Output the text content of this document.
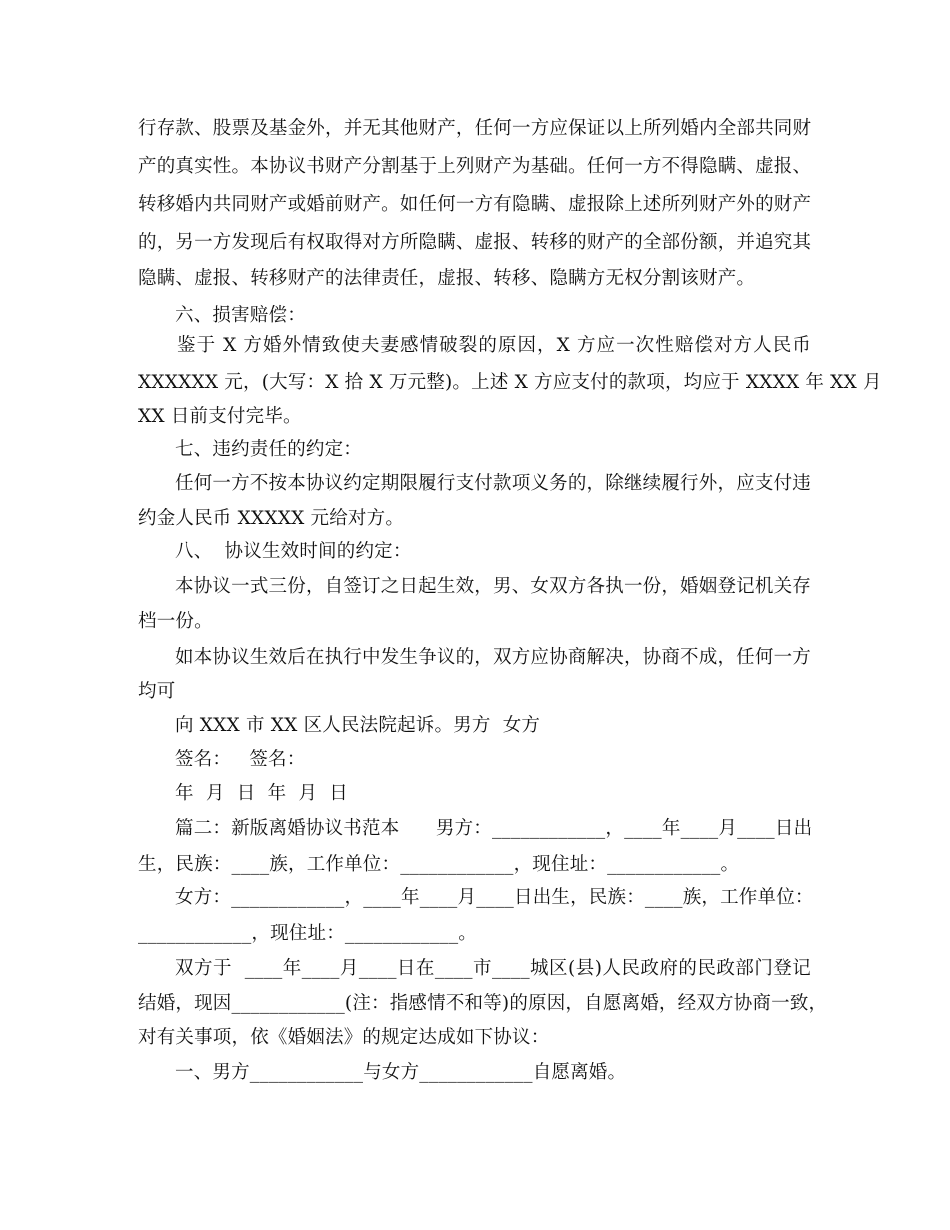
行存款、股票及基金外，并无其他财产，任何一方应保证以上所列婚内全部共同财
产的真实性。本协议书财产分割基于上列财产为基础。任何一方不得隐瞒、虚报、
转移婚内共同财产或婚前财产。如任何一方有隐瞒、虚报除上述所列财产外的财产
的，另一方发现后有权取得对方所隐瞒、虚报、转移的财产的全部份额，并追究其
隐瞒、虚报、转移财产的法律责任，虚报、转移、隐瞒方无权分割该财产。
六、损害赔偿：
鉴于 X 方婚外情致使夫妻感情破裂的原因，X 方应一次性赔偿对方人民币
XXXXXX 元，(大写：X 拾 X 万元整)。上述 X 方应支付的款项，均应于 XXXX 年 XX 月
XX 日前支付完毕。
七、违约责任的约定：
任何一方不按本协议约定期限履行支付款项义务的，除继续履行外，应支付违
约金人民币 XXXXX 元给对方。
八、  协议生效时间的约定：
本协议一式三份，自签订之日起生效，男、女双方各执一份，婚姻登记机关存
档一份。
如本协议生效后在执行中发生争议的，双方应协商解决，协商不成，任何一方
均可
向 XXX 市 XX 区人民法院起诉。男方  女方
签名：   签名：
年  月  日  年  月  日
篇二：新版离婚协议书范本      男方：____________，____年____月____日出
生，民族：____族，工作单位：____________，现住址：____________。
女方：____________，____年____月____日出生，民族：____族，工作单位：
____________，现住址：____________。
双方于  ____年____月____日在____市____城区(县)人民政府的民政部门登记
结婚，现因____________(注：指感情不和等)的原因，自愿离婚，经双方协商一致，
对有关事项，依《婚姻法》的规定达成如下协议：
一、男方____________与女方____________自愿离婚。
